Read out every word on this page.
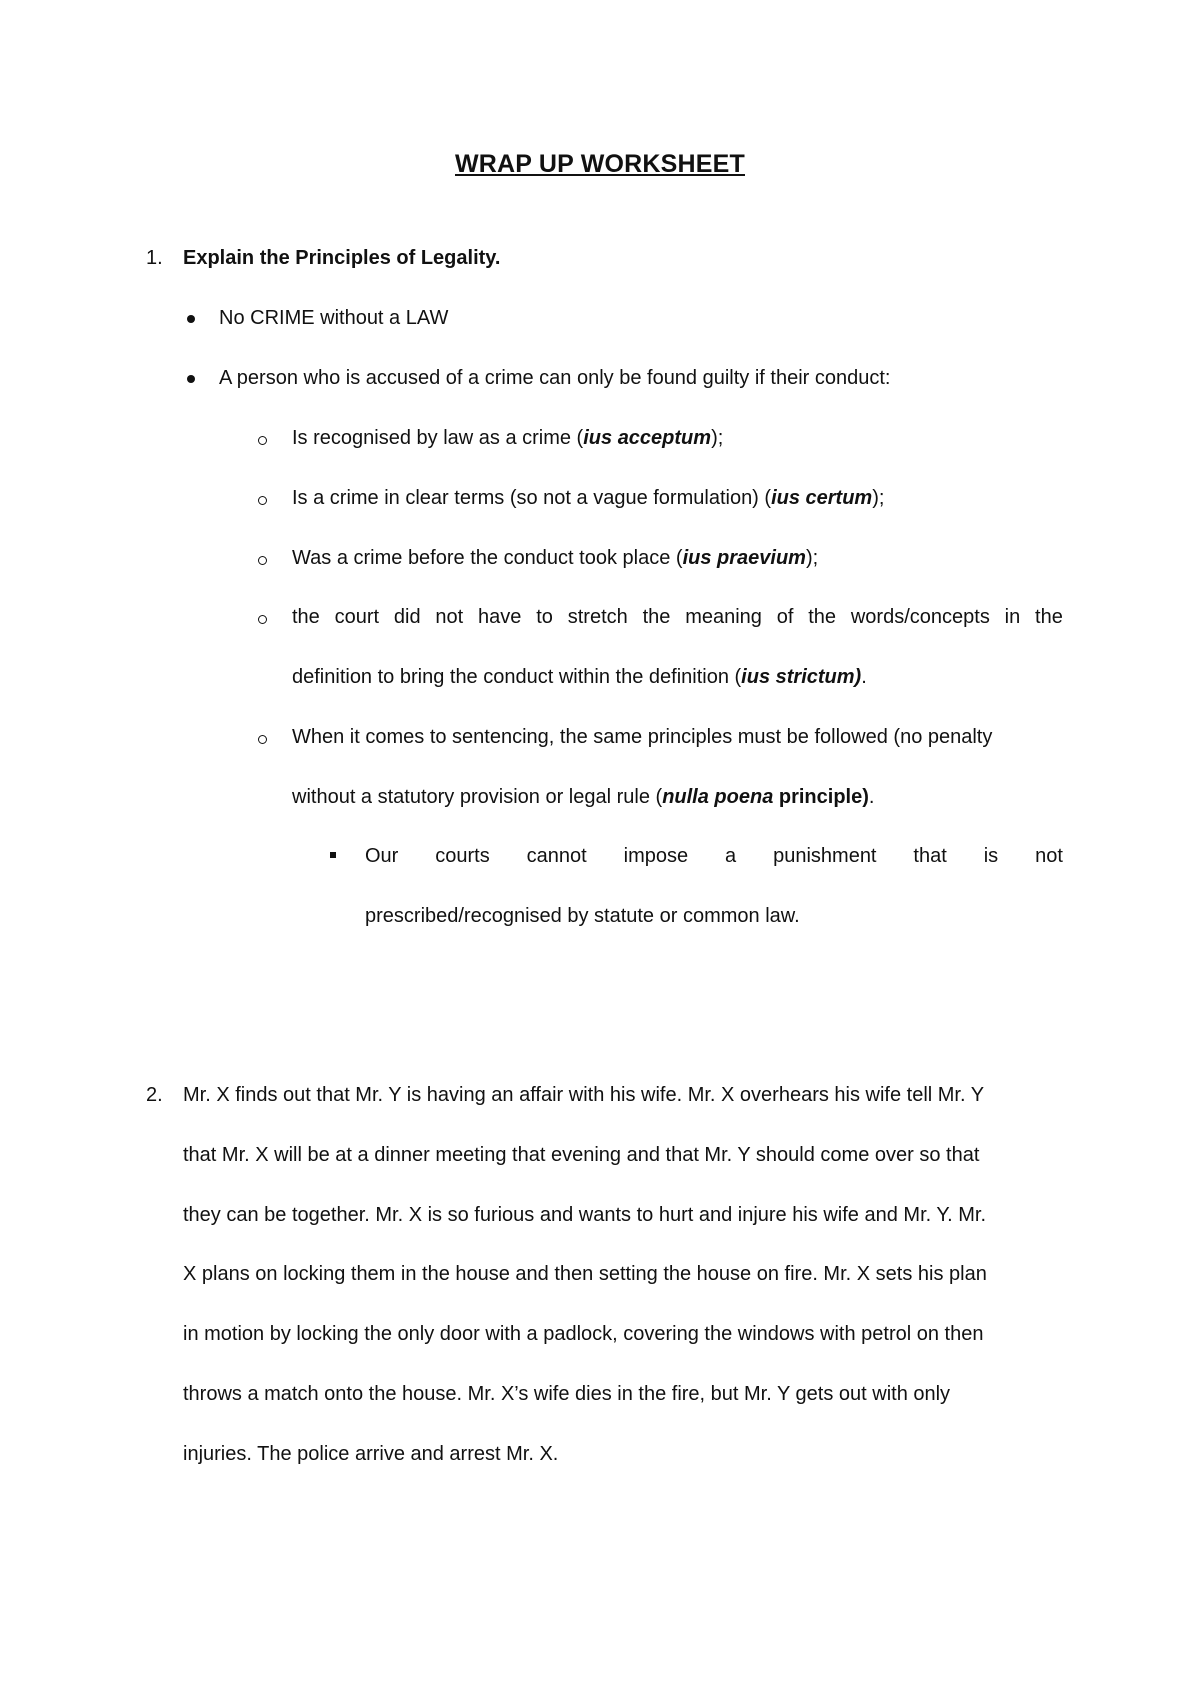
WRAP UP WORKSHEET
1. Explain the Principles of Legality.
No CRIME without a LAW
A person who is accused of a crime can only be found guilty if their conduct:
Is recognised by law as a crime (ius acceptum);
Is a crime in clear terms (so not a vague formulation) (ius certum);
Was a crime before the conduct took place (ius praevium);
the court did not have to stretch the meaning of the words/concepts in the
definition to bring the conduct within the definition (ius strictum).
When it comes to sentencing, the same principles must be followed (no penalty
without a statutory provision or legal rule (nulla poena principle).
Our courts cannot impose a punishment that is not
prescribed/recognised by statute or common law.
2. Mr. X finds out that Mr. Y is having an affair with his wife. Mr. X overhears his wife tell Mr. Y
that Mr. X will be at a dinner meeting that evening and that Mr. Y should come over so that
they can be together. Mr. X is so furious and wants to hurt and injure his wife and Mr. Y. Mr.
X plans on locking them in the house and then setting the house on fire. Mr. X sets his plan
in motion by locking the only door with a padlock, covering the windows with petrol on then
throws a match onto the house. Mr. X’s wife dies in the fire, but Mr. Y gets out with only
injuries. The police arrive and arrest Mr. X.
